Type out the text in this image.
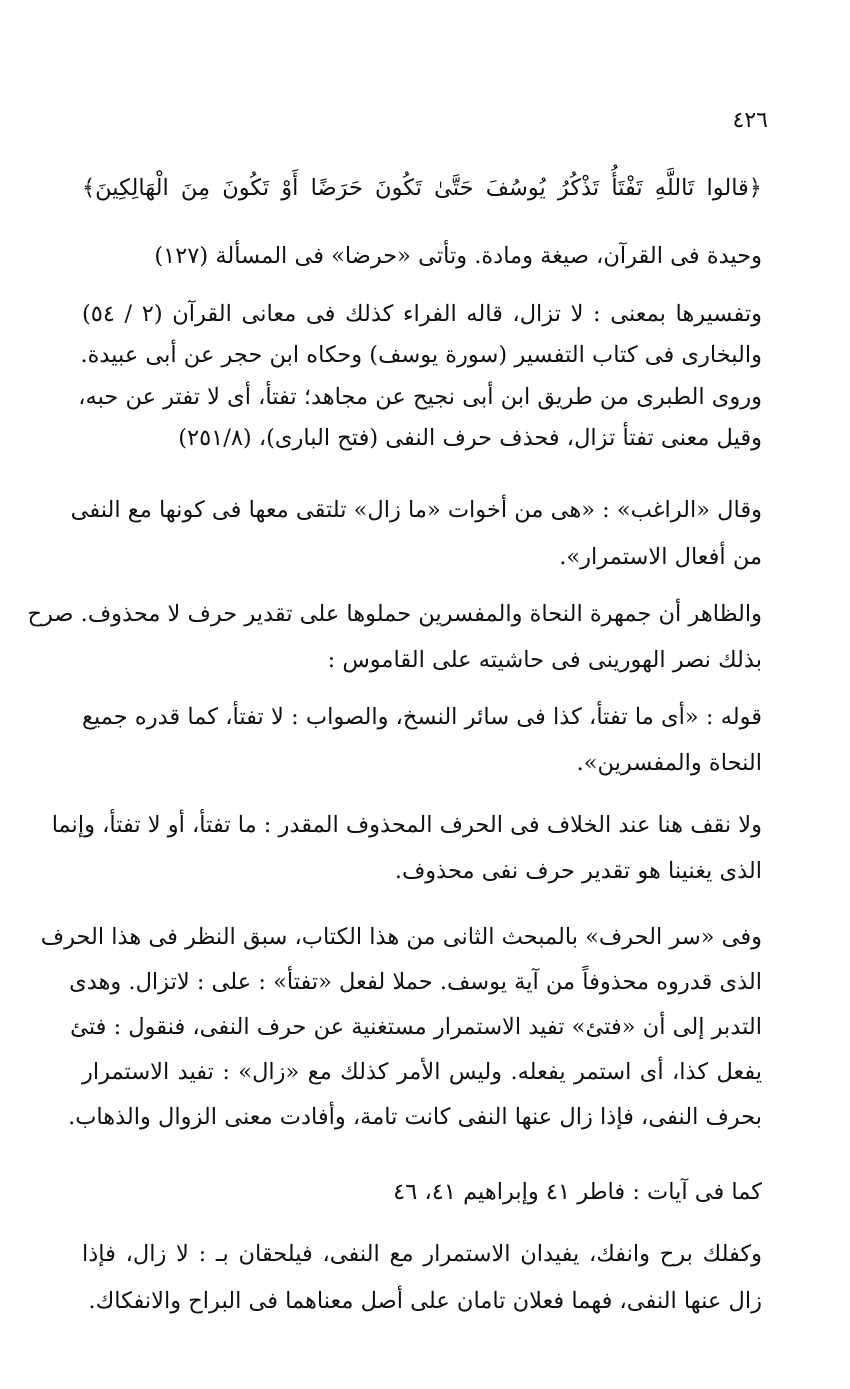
٤٢٦
﴿قالوا تَاللَّهِ تَفْتَأُ تَذْكُرُ يُوسُفَ حَتَّىٰ تَكُونَ حَرَضًا أَوْ تَكُونَ مِنَ الْهَالِكِينَ﴾
وحيدة فى القرآن، صيغة ومادة. وتأتى «حرضا» فى المسألة (١٢٧)
وتفسيرها بمعنى : لا تزال، قاله الفراء كذلك فى معانى القرآن (٢ / ٥٤)
والبخارى فى كتاب التفسير (سورة يوسف) وحكاه ابن حجر عن أبى عبيدة.
وروى الطبرى من طريق ابن أبى نجيح عن مجاهد؛ تفتأ، أى لا تفتر عن حبه،
وقيل معنى تفتأ تزال، فحذف حرف النفى (فتح البارى)، (٢٥١/٨)
وقال «الراغب» : «هى من أخوات «ما زال» تلتقى معها فى كونها مع النفى
من أفعال الاستمرار».
والظاهر أن جمهرة النحاة والمفسرين حملوها على تقدير حرف لا محذوف. صرح
بذلك نصر الهورينى فى حاشيته على القاموس :
قوله : «أى ما تفتأ، كذا فى سائر النسخ، والصواب : لا تفتأ، كما قدره جميع
النحاة والمفسرين».
ولا نقف هنا عند الخلاف فى الحرف المحذوف المقدر : ما تفتأ، أو لا تفتأ، وإنما
الذى يغنينا هو تقدير حرف نفى محذوف.
وفى «سر الحرف» بالمبحث الثانى من هذا الكتاب، سبق النظر فى هذا الحرف
الذى قدروه محذوفاً من آية يوسف. حملا لفعل «تفتأ» : على : لاتزال. وهدى
التدبر إلى أن «فتئ» تفيد الاستمرار مستغنية عن حرف النفى، فنقول : فتئ
يفعل كذا، أى استمر يفعله. وليس الأمر كذلك مع «زال» : تفيد الاستمرار
بحرف النفى، فإذا زال عنها النفى كانت تامة، وأفادت معنى الزوال والذهاب.
كما فى آيات : فاطر ٤١ وإبراهيم ٤١، ٤٦
وكفلك برح وانفك، يفيدان الاستمرار مع النفى، فيلحقان بـ : لا زال، فإذا
زال عنها النفى، فهما فعلان تامان على أصل معناهما فى البراح والانفكاك.
